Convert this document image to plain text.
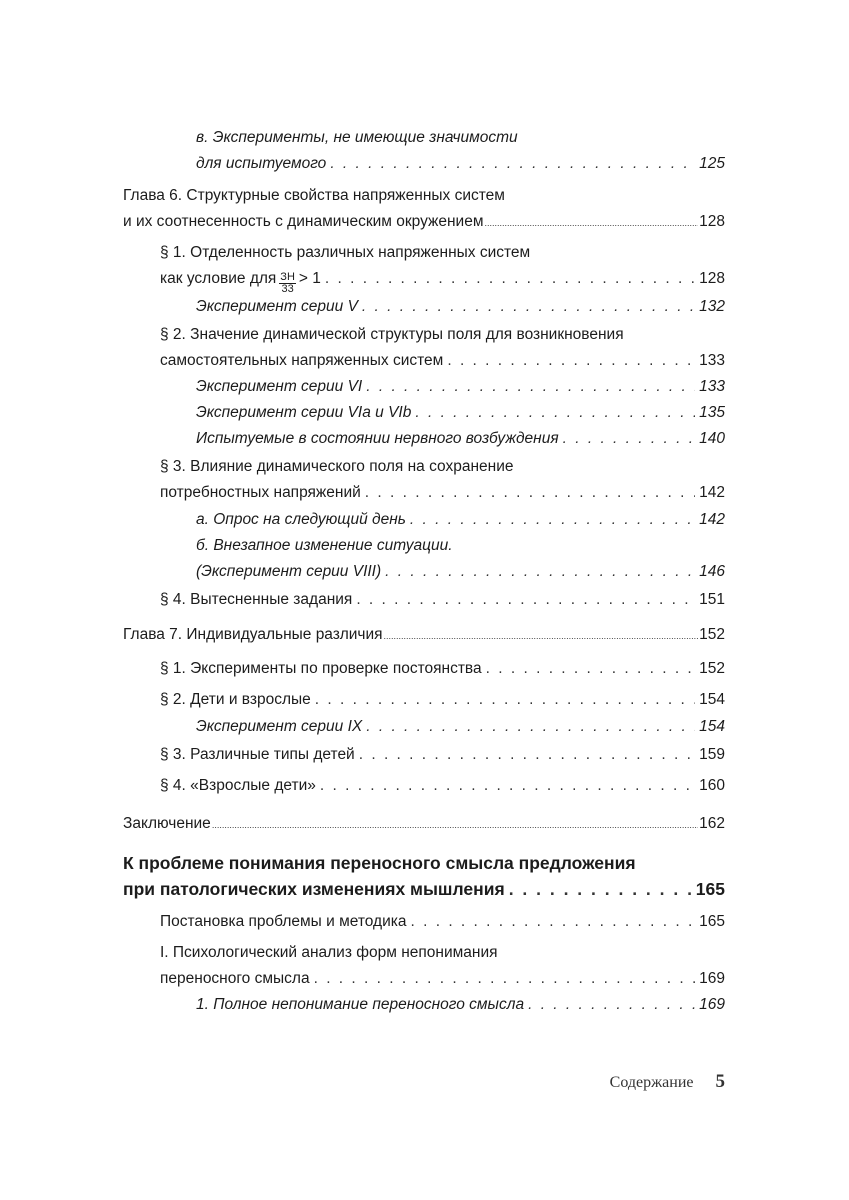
в. Эксперименты, не имеющие значимости
для испытуемого . . .	125
Глава 6. Структурные свойства напряженных систем
и их соотнесенность с динамическим окружением .....	128
§ 1. Отделенность различных напряженных систем
как условие для $\frac{ЗН}{33} > 1$ . . .	128
Эксперимент серии V . . .	132
§ 2. Значение динамической структуры поля для возникновения
самостоятельных напряженных систем . . .	133
Эксперимент серии VI . . .	133
Эксперимент серии VIa и VIb . . .	135
Испытуемые в состоянии нервного возбуждения . . .	140
§ 3. Влияние динамического поля на сохранение
потребностных напряжений . . .	142
а. Опрос на следующий день . . .	142
б. Внезапное изменение ситуации.
(Эксперимент серии VIII) . . .	146
§ 4. Вытесненные задания . . .	151
Глава 7. Индивидуальные различия .....	152
§ 1. Эксперименты по проверке постоянства . . .	152
§ 2. Дети и взрослые . . .	154
Эксперимент серии IX . . .	154
§ 3. Различные типы детей . . .	159
§ 4. «Взрослые дети» . . .	160
Заключение .....	162
К проблеме понимания переносного смысла предложения
при патологических изменениях мышления . . .	165
Постановка проблемы и методика . . .	165
I. Психологический анализ форм непонимания
переносного смысла . . .	169
1. Полное непонимание переносного смысла . . .	169
Содержание 5
